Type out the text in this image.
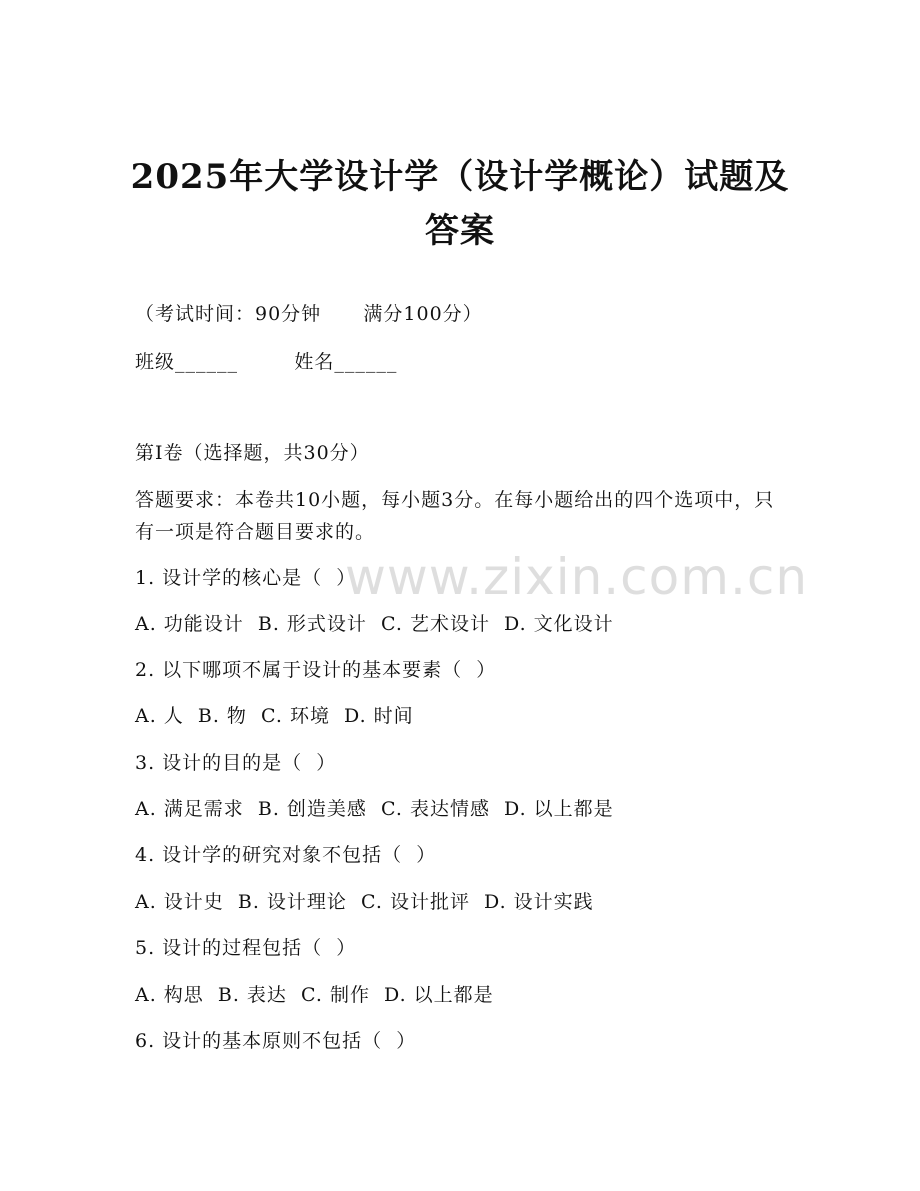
2025年大学设计学（设计学概论）试题及答案
（考试时间：90分钟      满分100分）
班级______        姓名______
第I卷（选择题，共30分）
答题要求：本卷共10小题，每小题3分。在每小题给出的四个选项中，只有一项是符合题目要求的。
1. 设计学的核心是（  ）
A. 功能设计  B. 形式设计  C. 艺术设计  D. 文化设计
2. 以下哪项不属于设计的基本要素（  ）
A. 人  B. 物  C. 环境  D. 时间
3. 设计的目的是（  ）
A. 满足需求  B. 创造美感  C. 表达情感  D. 以上都是
4. 设计学的研究对象不包括（  ）
A. 设计史  B. 设计理论  C. 设计批评  D. 设计实践
5. 设计的过程包括（  ）
A. 构思  B. 表达  C. 制作  D. 以上都是
6. 设计的基本原则不包括（  ）
www.zixin.com.cn
